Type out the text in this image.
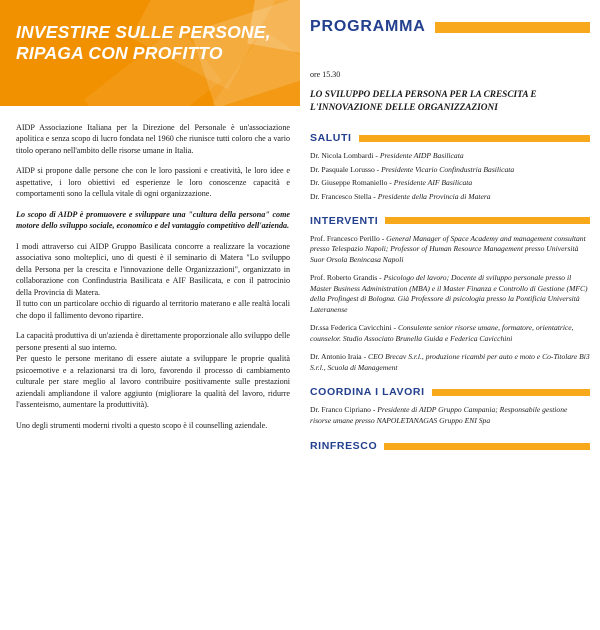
INVESTIRE SULLE PERSONE,
RIPAGA CON PROFITTO

AIDP Associazione Italiana per la Direzione del Personale è un'associazione apolitica e senza scopo di lucro fondata nel 1960 che riunisce tutti coloro che a vario titolo operano nell'ambito delle risorse umane in Italia.

AIDP si propone dalle persone che con le loro passioni e creatività, le loro idee e aspettative, i loro obiettivi ed esperienze le loro conoscenze capacità e comportamenti sono la cellula vitale di ogni organizzazione.

Lo scopo di AIDP è promuovere e sviluppare una "cultura della persona" come motore dello sviluppo sociale, economico e del vantaggio competitivo dell'azienda.

I modi attraverso cui AIDP Gruppo Basilicata concorre a realizzare la vocazione associativa sono molteplici, uno di questi è il seminario di Matera "Lo sviluppo della Persona per la crescita e l'innovazione delle Organizzazioni", organizzato in collaborazione con Confindustria Basilicata e AIF Basilicata, e con il patrocinio della Provincia di Matera.

Il tutto con un particolare occhio di riguardo al territorio materano e alle realtà locali che dopo il fallimento devono ripartire.

La capacità produttiva di un'azienda è direttamente proporzionale allo sviluppo delle persone presenti al suo interno.

Per questo le persone meritano di essere aiutate a sviluppare le proprie qualità psicoemotive e a relazionarsi tra di loro, favorendo il processo di cambiamento culturale per stare meglio al lavoro contribuire positivamente sulle prestazioni aziendali ampliandone il valore aggiunto (migliorare la qualità del lavoro, ridurre l'assenteismo, aumentare la produttività).

Uno degli strumenti moderni rivolti a questo scopo è il counselling aziendale.

PROGRAMMA
ore 15.30
LO SVILUPPO DELLA PERSONA PER LA CRESCITA E L'INNOVAZIONE DELLE ORGANIZZAZIONI
SALUTI

Dr. Nicola Lombardi - Presidente AIDP Basilicata

Dr. Pasquale Lorusso - Presidente Vicario Confindustria Basilicata

Dr. Giuseppe Romaniello - Presidente AIF Basilicata

Dr. Francesco Stella - Presidente della Provincia di Matera

INTERVENTI

Prof. Francesco Perillo - General Manager of Space Academy and management consultant presso Telespazio Napoli; Professor of Human Resource Management presso Università Suor Orsola Benincasa Napoli

Prof. Roberto Grandis - Psicologo del lavoro; Docente di sviluppo personale presso il Master Business Administration (MBA) e il Master Finanza e Controllo di Gestione (MFC) della Profingest di Bologna. Già Professore di psicologia presso la Pontificia Università Lateranense

Dr.ssa Federica Cavicchini - Consulente senior risorse umane, formatore, orientatrice, counselor. Studio Associato Brunella Guida e Federica Cavicchini

Dr. Antonio Iraia - CEO Brecav S.r.l., produzione ricambi per auto e moto e Co-Titolare Bi3 S.r.l., Scuola di Management

COORDINA I LAVORI

Dr. Franco Cipriano - Presidente di AIDP Gruppo Campania; Responsabile gestione risorse umane presso NAPOLETANAGAS Gruppo ENI Spa

RINFRESCO
